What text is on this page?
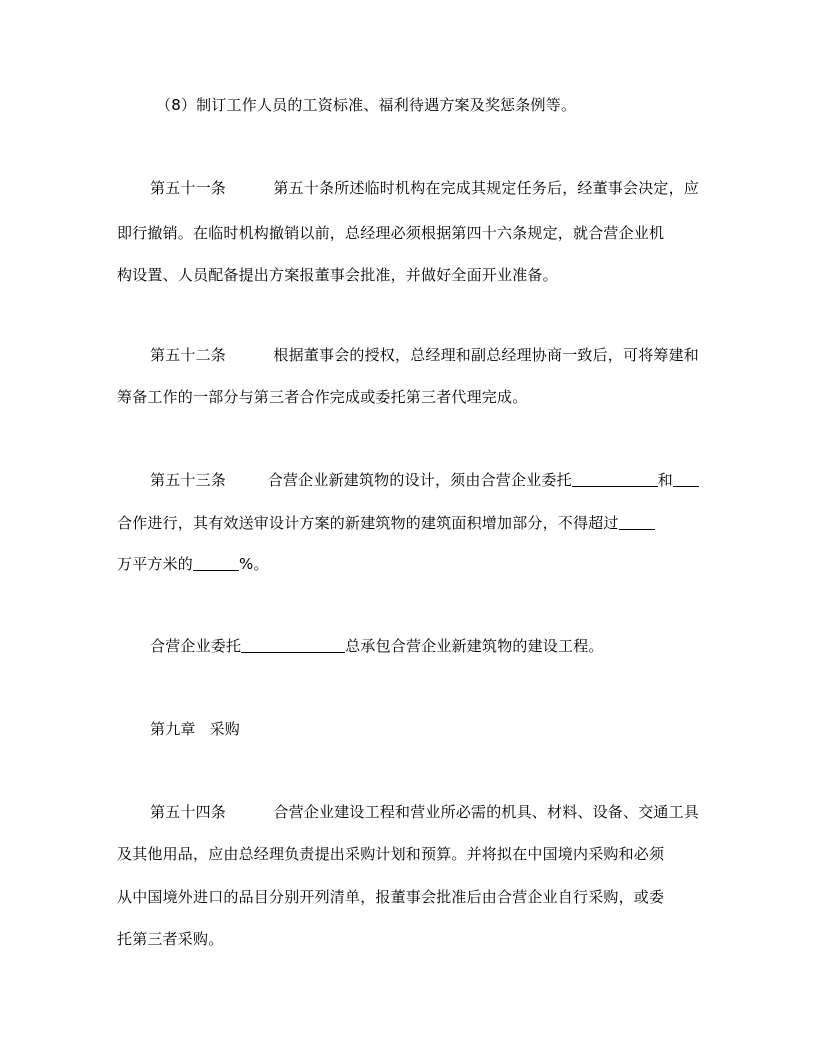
（8）制订工作人员的工资标准、福利待遇方案及奖惩条例等。
第五十一条	第五十条所述临时机构在完成其规定任务后，经董事会决定，应
即行撤销。在临时机构撤销以前，总经理必须根据第四十六条规定，就合营企业机
构设置、人员配备提出方案报董事会批准，并做好全面开业准备。
第五十二条	根据董事会的授权，总经理和副总经理协商一致后，可将筹建和
筹备工作的一部分与第三者合作完成或委托第三者代理完成。
第五十三条	合营企业新建筑物的设计，须由合营企业委托	和
合作进行，其有效送审设计方案的新建筑物的建筑面积增加部分，不得超过
万平方米的	%。
合营企业委托	总承包合营企业新建筑物的建设工程。
第九章 采购
第五十四条	合营企业建设工程和营业所必需的机具、材料、设备、交通工具
及其他用品，应由总经理负责提出采购计划和预算。并将拟在中国境内采购和必须
从中国境外进口的品目分别开列清单，报董事会批准后由合营企业自行采购，或委
托第三者采购。
